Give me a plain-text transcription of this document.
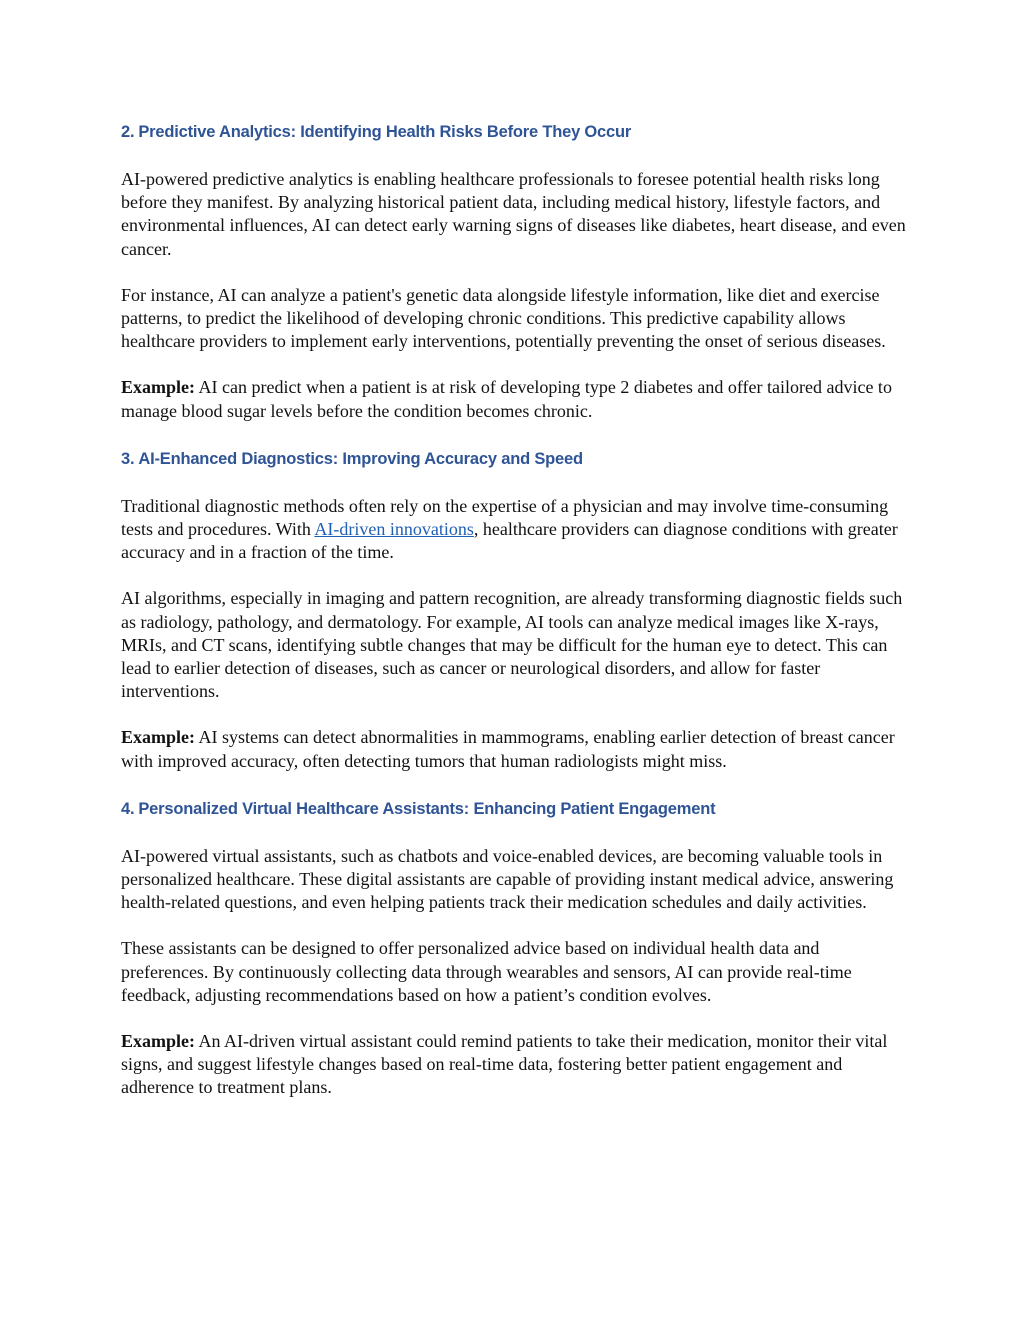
2. Predictive Analytics: Identifying Health Risks Before They Occur

AI-powered predictive analytics is enabling healthcare professionals to foresee potential health risks long before they manifest. By analyzing historical patient data, including medical history, lifestyle factors, and environmental influences, AI can detect early warning signs of diseases like diabetes, heart disease, and even cancer.

For instance, AI can analyze a patient's genetic data alongside lifestyle information, like diet and exercise patterns, to predict the likelihood of developing chronic conditions. This predictive capability allows healthcare providers to implement early interventions, potentially preventing the onset of serious diseases.

Example: AI can predict when a patient is at risk of developing type 2 diabetes and offer tailored advice to manage blood sugar levels before the condition becomes chronic.

3. AI-Enhanced Diagnostics: Improving Accuracy and Speed

Traditional diagnostic methods often rely on the expertise of a physician and may involve time-consuming tests and procedures. With AI-driven innovations, healthcare providers can diagnose conditions with greater accuracy and in a fraction of the time.

AI algorithms, especially in imaging and pattern recognition, are already transforming diagnostic fields such as radiology, pathology, and dermatology. For example, AI tools can analyze medical images like X-rays, MRIs, and CT scans, identifying subtle changes that may be difficult for the human eye to detect. This can lead to earlier detection of diseases, such as cancer or neurological disorders, and allow for faster interventions.

Example: AI systems can detect abnormalities in mammograms, enabling earlier detection of breast cancer with improved accuracy, often detecting tumors that human radiologists might miss.

4. Personalized Virtual Healthcare Assistants: Enhancing Patient Engagement

AI-powered virtual assistants, such as chatbots and voice-enabled devices, are becoming valuable tools in personalized healthcare. These digital assistants are capable of providing instant medical advice, answering health-related questions, and even helping patients track their medication schedules and daily activities.

These assistants can be designed to offer personalized advice based on individual health data and preferences. By continuously collecting data through wearables and sensors, AI can provide real-time feedback, adjusting recommendations based on how a patient’s condition evolves.

Example: An AI-driven virtual assistant could remind patients to take their medication, monitor their vital signs, and suggest lifestyle changes based on real-time data, fostering better patient engagement and adherence to treatment plans.
